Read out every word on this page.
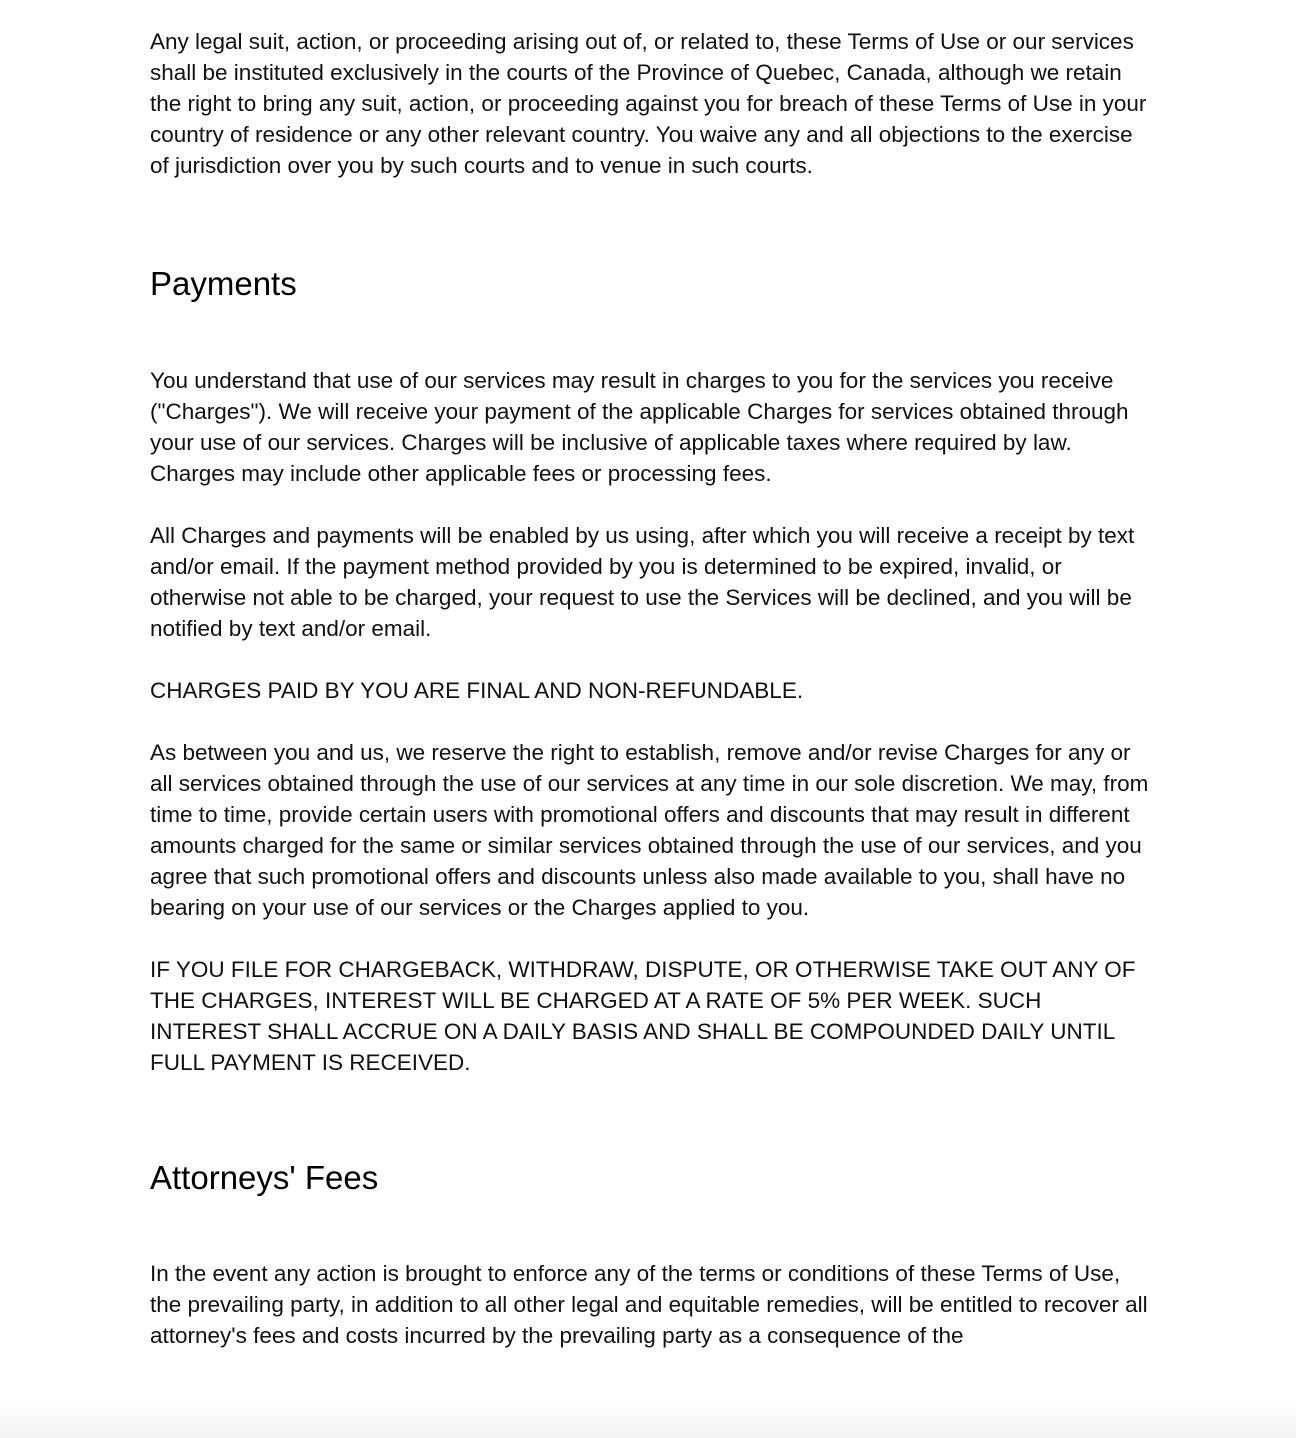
Any legal suit, action, or proceeding arising out of, or related to, these Terms of Use or our services shall be instituted exclusively in the courts of the Province of Quebec, Canada, although we retain the right to bring any suit, action, or proceeding against you for breach of these Terms of Use in your country of residence or any other relevant country. You waive any and all objections to the exercise of jurisdiction over you by such courts and to venue in such courts.

Payments

You understand that use of our services may result in charges to you for the services you receive ("Charges"). We will receive your payment of the applicable Charges for services obtained through your use of our services. Charges will be inclusive of applicable taxes where required by law. Charges may include other applicable fees or processing fees.

All Charges and payments will be enabled by us using, after which you will receive a receipt by text and/or email. If the payment method provided by you is determined to be expired, invalid, or otherwise not able to be charged, your request to use the Services will be declined, and you will be notified by text and/or email.

CHARGES PAID BY YOU ARE FINAL AND NON-REFUNDABLE.

As between you and us, we reserve the right to establish, remove and/or revise Charges for any or all services obtained through the use of our services at any time in our sole discretion. We may, from time to time, provide certain users with promotional offers and discounts that may result in different amounts charged for the same or similar services obtained through the use of our services, and you agree that such promotional offers and discounts unless also made available to you, shall have no bearing on your use of our services or the Charges applied to you.

IF YOU FILE FOR CHARGEBACK, WITHDRAW, DISPUTE, OR OTHERWISE TAKE OUT ANY OF THE CHARGES, INTEREST WILL BE CHARGED AT A RATE OF 5% PER WEEK. SUCH INTEREST SHALL ACCRUE ON A DAILY BASIS AND SHALL BE COMPOUNDED DAILY UNTIL FULL PAYMENT IS RECEIVED.

Attorneys' Fees

In the event any action is brought to enforce any of the terms or conditions of these Terms of Use, the prevailing party, in addition to all other legal and equitable remedies, will be entitled to recover all attorney's fees and costs incurred by the prevailing party as a consequence of the
